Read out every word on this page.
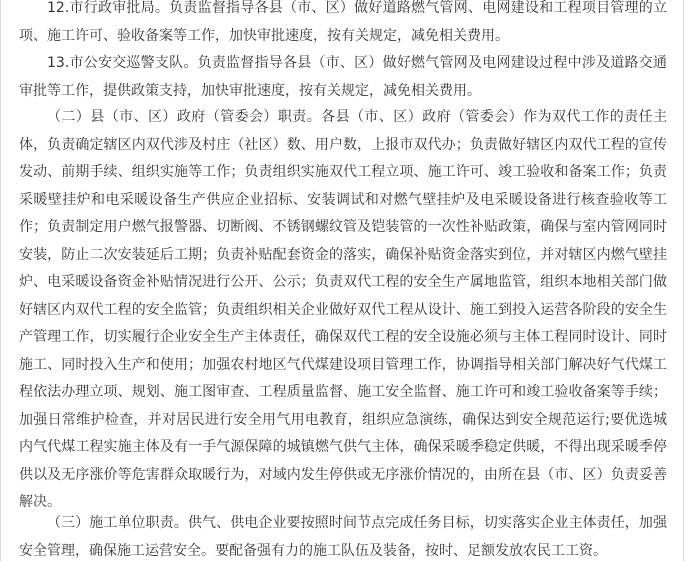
12.市行政审批局。负责监督指导各县（市、区）做好道路燃气管网、电网建设和工程项目管理的立项、施工许可、验收备案等工作，加快审批速度，按有关规定，减免相关费用。

13.市公安交巡警支队。负责监督指导各县（市、区）做好燃气管网及电网建设过程中涉及道路交通审批等工作，提供政策支持，加快审批速度，按有关规定，减免相关费用。

（二）县（市、区）政府（管委会）职责。各县（市、区）政府（管委会）作为双代工作的责任主体，负责确定辖区内双代涉及村庄（社区）数、用户数，上报市双代办；负责做好辖区内双代工程的宣传发动、前期手续、组织实施等工作；负责组织实施双代工程立项、施工许可、竣工验收和备案工作；负责采暖壁挂炉和电采暖设备生产供应企业招标、安装调试和对燃气壁挂炉及电采暖设备进行核查验收等工作；负责制定用户燃气报警器、切断阀、不锈钢螺纹管及铠装管的一次性补贴政策，确保与室内管网同时安装，防止二次安装延后工期；负责补贴配套资金的落实，确保补贴资金落实到位，并对辖区内燃气壁挂炉、电采暖设备资金补贴情况进行公开、公示；负责双代工程的安全生产属地监管，组织本地相关部门做好辖区内双代工程的安全监管；负责组织相关企业做好双代工程从设计、施工到投入运营各阶段的安全生产管理工作，切实履行企业安全生产主体责任，确保双代工程的安全设施必须与主体工程同时设计、同时施工、同时投入生产和使用；加强农村地区气代煤建设项目管理工作，协调指导相关部门解决好气代煤工程依法办理立项、规划、施工图审查、工程质量监督、施工安全监督、施工许可和竣工验收备案等手续；加强日常维护检查，并对居民进行安全用气用电教育，组织应急演练，确保达到安全规范运行;要优选城内气代煤工程实施主体及有一手气源保障的城镇燃气供气主体，确保采暖季稳定供暖，不得出现采暖季停供以及无序涨价等危害群众取暖行为，对域内发生停供或无序涨价情况的，由所在县（市、区）负责妥善解决。

（三）施工单位职责。供气、供电企业要按照时间节点完成任务目标，切实落实企业主体责任，加强安全管理，确保施工运营安全。要配备强有力的施工队伍及装备，按时、足额发放农民工工资。
